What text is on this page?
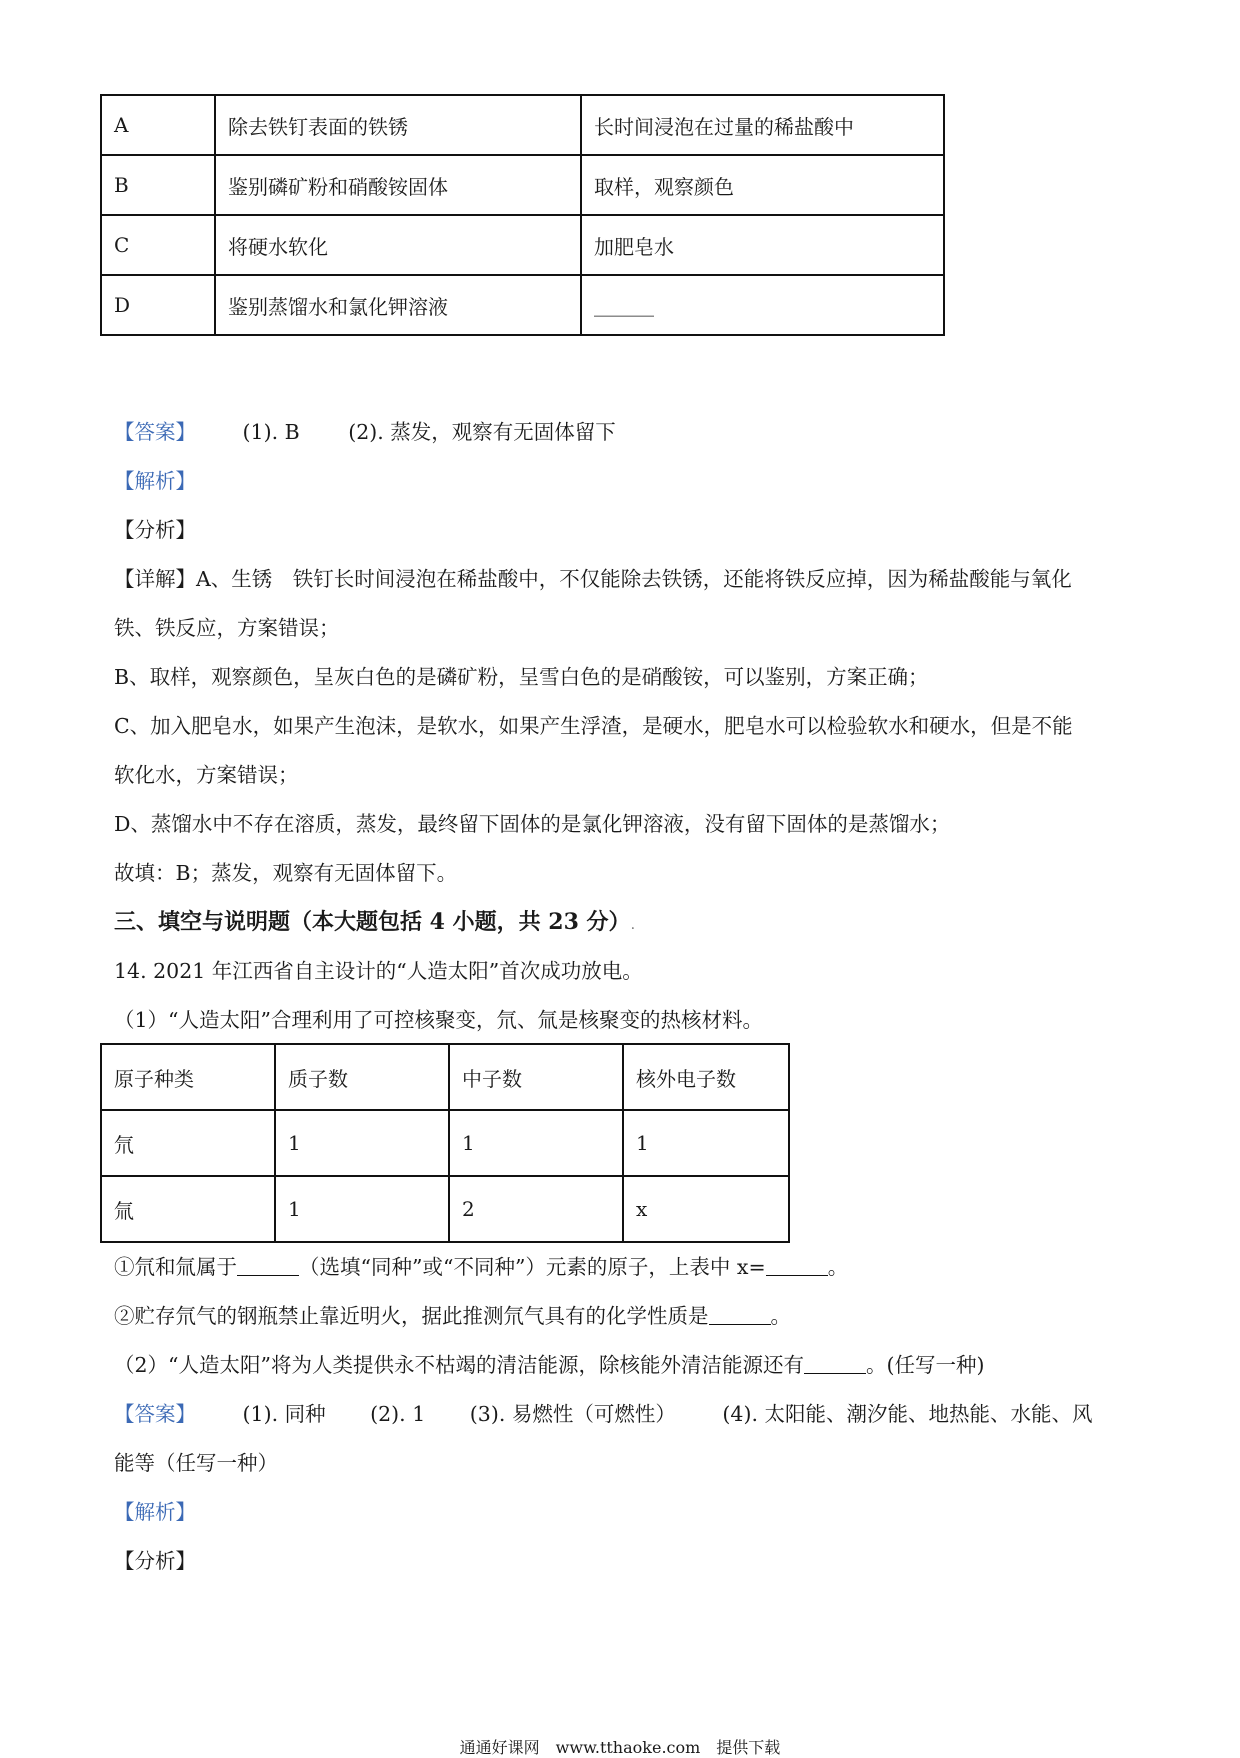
A	除去铁钉表面的铁锈	长时间浸泡在过量的稀盐酸中
B	鉴别磷矿粉和硝酸铵固体	取样，观察颜色
C	将硬水软化	加肥皂水
D	鉴别蒸馏水和氯化钾溶液	______
【答案】 (1). B (2). 蒸发，观察有无固体留下
【解析】
【分析】
【详解】A、生锈　铁钉长时间浸泡在稀盐酸中，不仅能除去铁锈，还能将铁反应掉，因为稀盐酸能与氧化
铁、铁反应，方案错误；
B、取样，观察颜色，呈灰白色的是磷矿粉，呈雪白色的是硝酸铵，可以鉴别，方案正确；
C、加入肥皂水，如果产生泡沫，是软水，如果产生浮渣，是硬水，肥皂水可以检验软水和硬水，但是不能
软化水，方案错误；
D、蒸馏水中不存在溶质，蒸发，最终留下固体的是氯化钾溶液，没有留下固体的是蒸馏水；
故填：B；蒸发，观察有无固体留下。
三、填空与说明题（本大题包括 4 小题，共 23 分）.
14. 2021 年江西省自主设计的“人造太阳”首次成功放电。
（1）“人造太阳”合理利用了可控核聚变，氘、氚是核聚变的热核材料。
原子种类	质子数	中子数	核外电子数
氘	1	1	1
氚	1	2	x
①氘和氚属于	（选填“同种”或“不同种”）元素的原子，上表中 x=	。
②贮存氘气的钢瓶禁止靠近明火，据此推测氘气具有的化学性质是	。
（2）“人造太阳”将为人类提供永不枯竭的清洁能源，除核能外清洁能源还有	。(任写一种)
【答案】 (1). 同种 (2). 1 (3). 易燃性（可燃性） (4). 太阳能、潮汐能、地热能、水能、风
能等（任写一种）
【解析】
【分析】
通通好课网　www.tthaoke.com　提供下载
